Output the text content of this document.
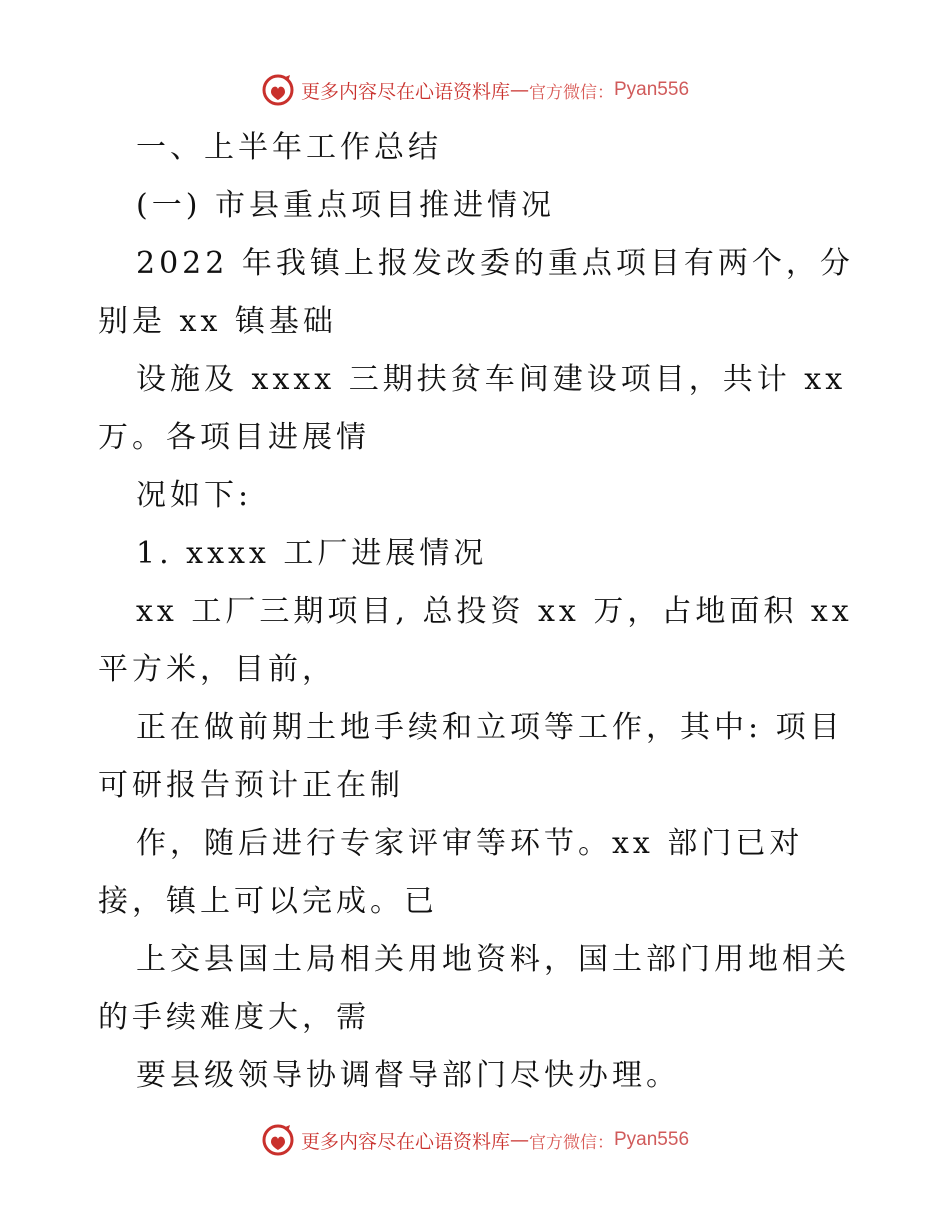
更多内容尽在心语资料库 — 官方微信： Pyan556
一、上半年工作总结
(一) 市县重点项目推进情况
2022 年我镇上报发改委的重点项目有两个，分
别是 xx 镇基础
设施及 xxxx 三期扶贫车间建设项目，共计 xx
万。各项目进展情
况如下:
1. xxxx 工厂进展情况
xx 工厂三期项目, 总投资 xx 万，占地面积 xx
平方米，目前，
正在做前期土地手续和立项等工作，其中: 项目
可研报告预计正在制
作，随后进行专家评审等环节。xx 部门已对
接，镇上可以完成。已
上交县国土局相关用地资料，国土部门用地相关
的手续难度大，需
要县级领导协调督导部门尽快办理。
更多内容尽在心语资料库 — 官方微信： Pyan556
